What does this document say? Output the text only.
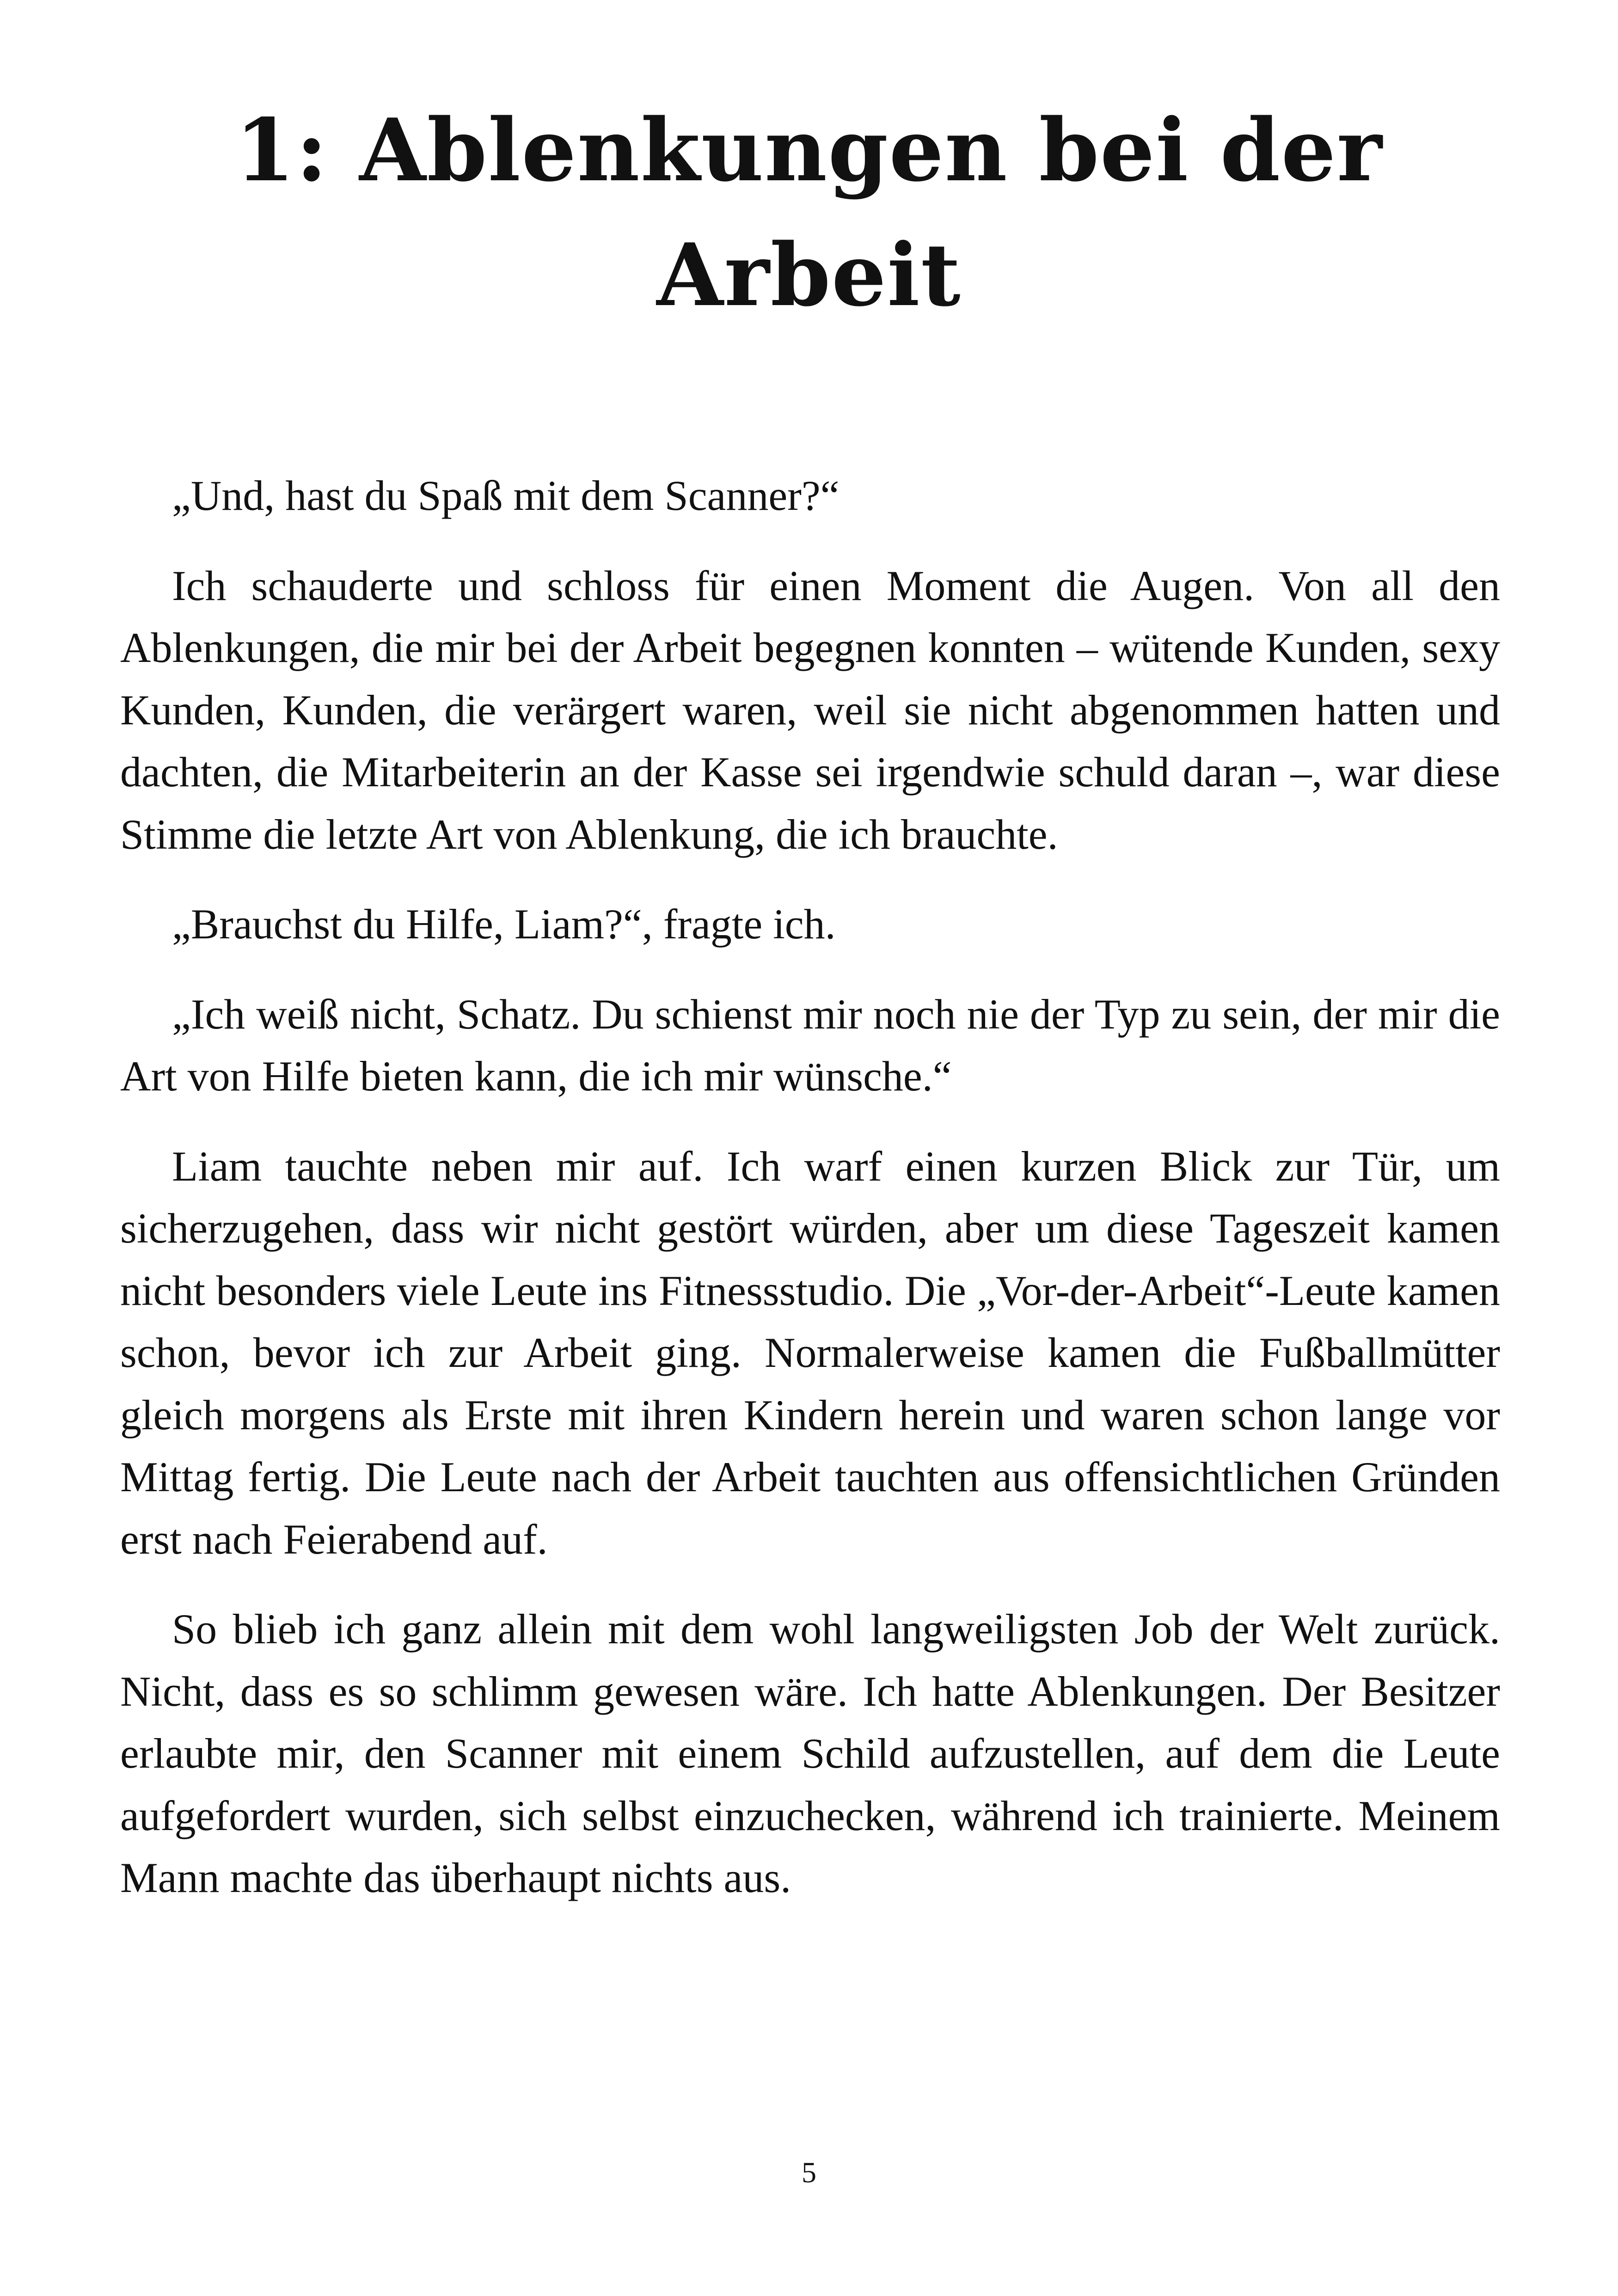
1: Ablenkungen bei der
Arbeit

„Und, hast du Spaß mit dem Scanner?“

Ich schauderte und schloss für einen Moment die Augen. Von all den Ablenkungen, die mir bei der Arbeit begegnen konnten – wütende Kunden, sexy Kunden, Kunden, die verärgert waren, weil sie nicht abgenommen hatten und dachten, die Mitarbeiterin an der Kasse sei irgendwie schuld daran –, war diese Stimme die letzte Art von Ablenkung, die ich brauchte.

„Brauchst du Hilfe, Liam?“, fragte ich.

„Ich weiß nicht, Schatz. Du schienst mir noch nie der Typ zu sein, der mir die Art von Hilfe bieten kann, die ich mir wünsche.“

Liam tauchte neben mir auf. Ich warf einen kurzen Blick zur Tür, um sicherzugehen, dass wir nicht gestört würden, aber um diese Tageszeit kamen nicht besonders viele Leute ins Fitnessstudio. Die „Vor-der-Arbeit“-Leute kamen schon, bevor ich zur Arbeit ging. Normalerweise kamen die Fußballmütter gleich morgens als Erste mit ihren Kindern herein und waren schon lange vor Mittag fertig. Die Leute nach der Arbeit tauchten aus offensichtlichen Gründen erst nach Feierabend auf.

So blieb ich ganz allein mit dem wohl langweiligsten Job der Welt zurück. Nicht, dass es so schlimm gewesen wäre. Ich hatte Ablenkungen. Der Besitzer erlaubte mir, den Scanner mit einem Schild aufzustellen, auf dem die Leute aufgefordert wurden, sich selbst einzuchecken, während ich trainierte. Meinem Mann machte das überhaupt nichts aus.

5
